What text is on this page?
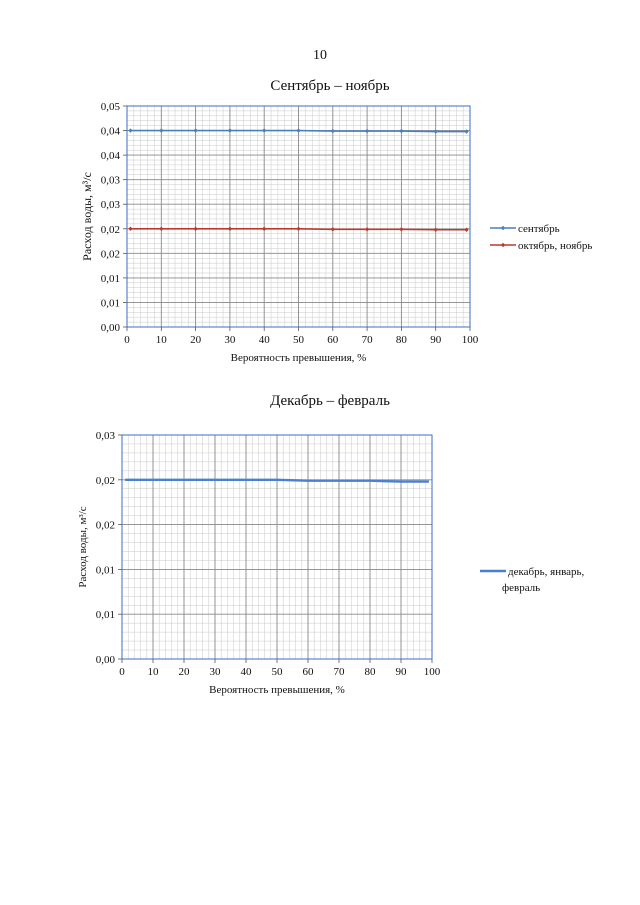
10
Сентябрь – ноябрь
Декабрь – февраль
0 10 20 30 40 50 60 70 80 90 100
0,00
0,01
0,01
0,02
0,02
0,03
0,03
0,04
0,04
0,05
Вероятность превышения, %
Расход воды, м³/с	сентябрь
октябрь, ноябрь
0 10 20 30 40 50 60 70 80 90 100
0,00
0,01
0,01
0,02
0,02
0,03
Вероятность превышения, %
Расход воды, м³/с	декабрь, январь, февраль
